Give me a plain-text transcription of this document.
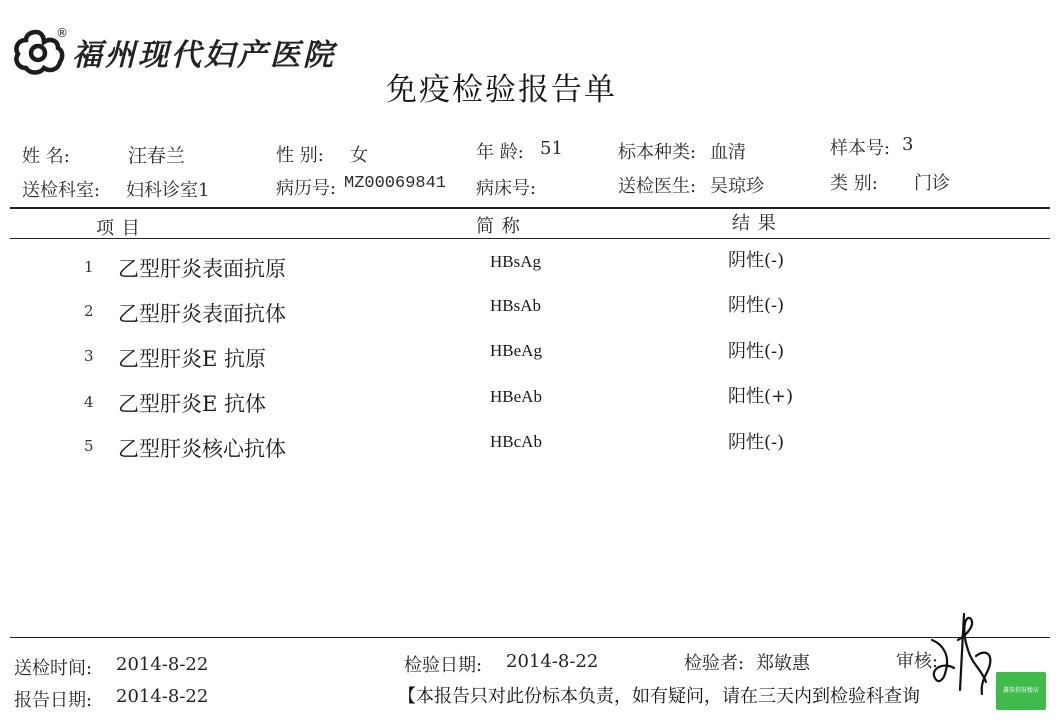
®
福州现代妇产医院
免疫检验报告单
姓 名:	汪春兰	性 别: 女	年 龄: 51	标本种类: 血清	样本号: 3
送检科室: 妇科诊室1	病历号: MZ00069841 病床号:	送检医生: 吴琼珍	类 别: 门诊
项 目	简 称	结 果
1 乙型肝炎表面抗原	HBsAg	阴性(-)
2 乙型肝炎表面抗体	HBsAb	阴性(-)
3 乙型肝炎E 抗原	HBeAg	阴性(-)
4 乙型肝炎E 抗体	HBeAb	阳性(+)
5 乙型肝炎核心抗体	HBcAb	阴性(-)
送检时间: 2014-8-22	检验日期: 2014-8-22	检验者: 郑敏惠	审核:
报告日期: 2014-8-22	【本报告只对此份标本负责，如有疑问，请在三天内到检验科查询	鑫铢搭鼓楼店
